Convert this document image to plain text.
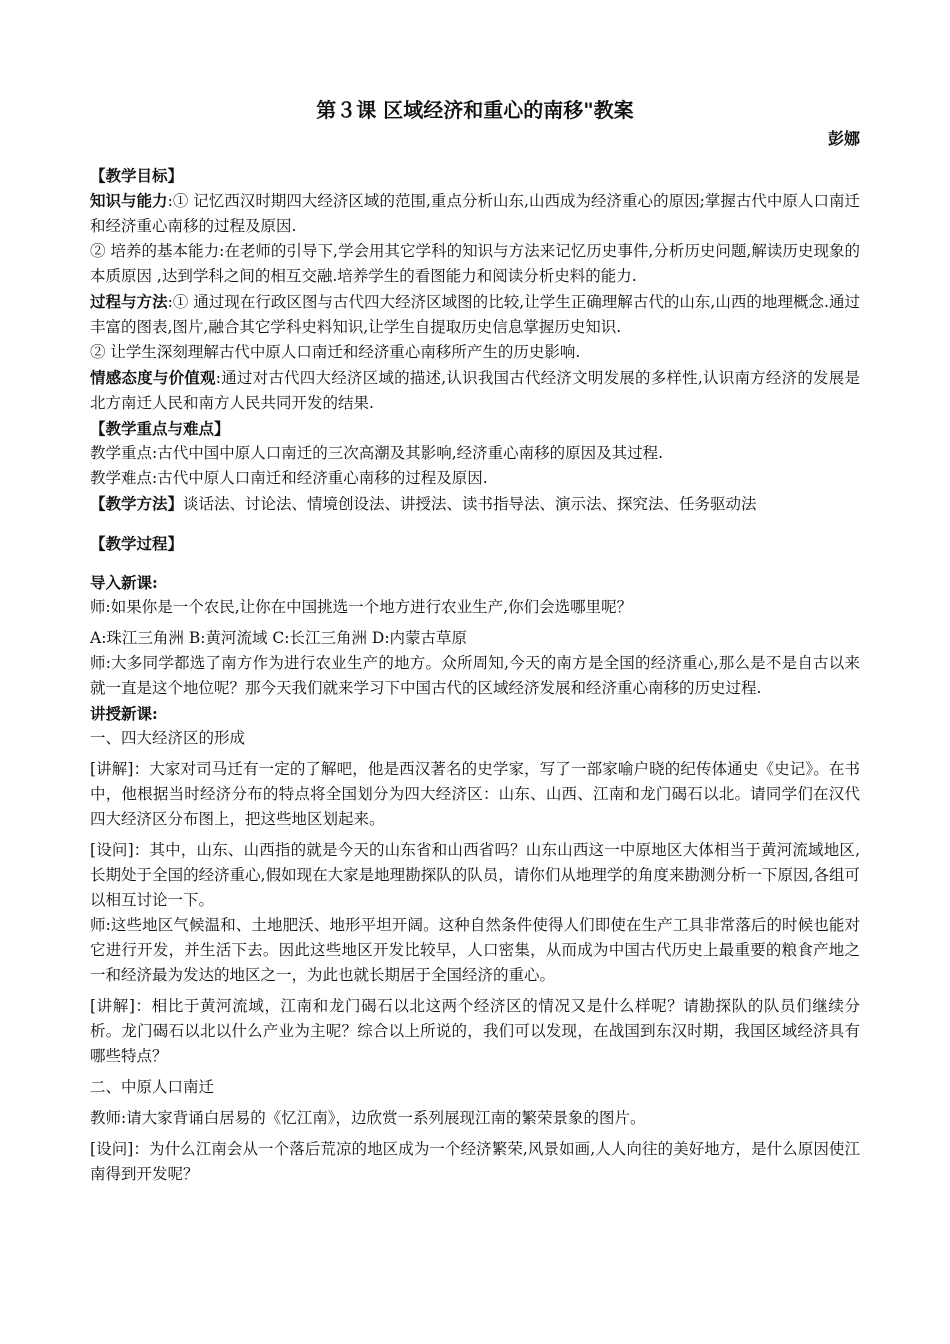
第３课 区域经济和重心的南移"教案
彭娜

【教学目标】

知识与能力:① 记忆西汉时期四大经济区域的范围,重点分析山东,山西成为经济重心的原因;掌握古代中原人口南迁和经济重心南移的过程及原因.

② 培养的基本能力:在老师的引导下,学会用其它学科的知识与方法来记忆历史事件,分析历史问题,解读历史现象的本质原因 ,达到学科之间的相互交融.培养学生的看图能力和阅读分析史料的能力.

过程与方法:① 通过现在行政区图与古代四大经济区域图的比较,让学生正确理解古代的山东,山西的地理概念.通过丰富的图表,图片,融合其它学科史料知识,让学生自提取历史信息掌握历史知识.

② 让学生深刻理解古代中原人口南迁和经济重心南移所产生的历史影响.

情感态度与价值观:通过对古代四大经济区域的描述,认识我国古代经济文明发展的多样性,认识南方经济的发展是北方南迁人民和南方人民共同开发的结果.

【教学重点与难点】

教学重点:古代中国中原人口南迁的三次高潮及其影响,经济重心南移的原因及其过程.

教学难点:古代中原人口南迁和经济重心南移的过程及原因.

【教学方法】谈话法、讨论法、情境创设法、讲授法、读书指导法、演示法、探究法、任务驱动法

【教学过程】

导入新课:

师:如果你是一个农民,让你在中国挑选一个地方进行农业生产,你们会选哪里呢？

A:珠江三角洲 B:黄河流域 C:长江三角洲 D:内蒙古草原

师:大多同学都选了南方作为进行农业生产的地方。众所周知,今天的南方是全国的经济重心,那么是不是自古以来就一直是这个地位呢？那今天我们就来学习下中国古代的区域经济发展和经济重心南移的历史过程.

讲授新课:

一、四大经济区的形成

[讲解]：大家对司马迁有一定的了解吧，他是西汉著名的史学家，写了一部家喻户晓的纪传体通史《史记》。在书中，他根据当时经济分布的特点将全国划分为四大经济区：山东、山西、江南和龙门碣石以北。请同学们在汉代四大经济区分布图上，把这些地区划起来。

[设问]：其中，山东、山西指的就是今天的山东省和山西省吗？山东山西这一中原地区大体相当于黄河流域地区,长期处于全国的经济重心,假如现在大家是地理勘探队的队员，请你们从地理学的角度来勘测分析一下原因,各组可以相互讨论一下。

师:这些地区气候温和、土地肥沃、地形平坦开阔。这种自然条件使得人们即使在生产工具非常落后的时候也能对它进行开发，并生活下去。因此这些地区开发比较早，人口密集，从而成为中国古代历史上最重要的粮食产地之一和经济最为发达的地区之一，为此也就长期居于全国经济的重心。

[讲解]：相比于黄河流域，江南和龙门碣石以北这两个经济区的情况又是什么样呢？请勘探队的队员们继续分析。龙门碣石以北以什么产业为主呢？综合以上所说的，我们可以发现，在战国到东汉时期，我国区域经济具有哪些特点？

二、中原人口南迁

教师:请大家背诵白居易的《忆江南》，边欣赏一系列展现江南的繁荣景象的图片。

[设问]：为什么江南会从一个落后荒凉的地区成为一个经济繁荣,风景如画,人人向往的美好地方，是什么原因使江南得到开发呢？
